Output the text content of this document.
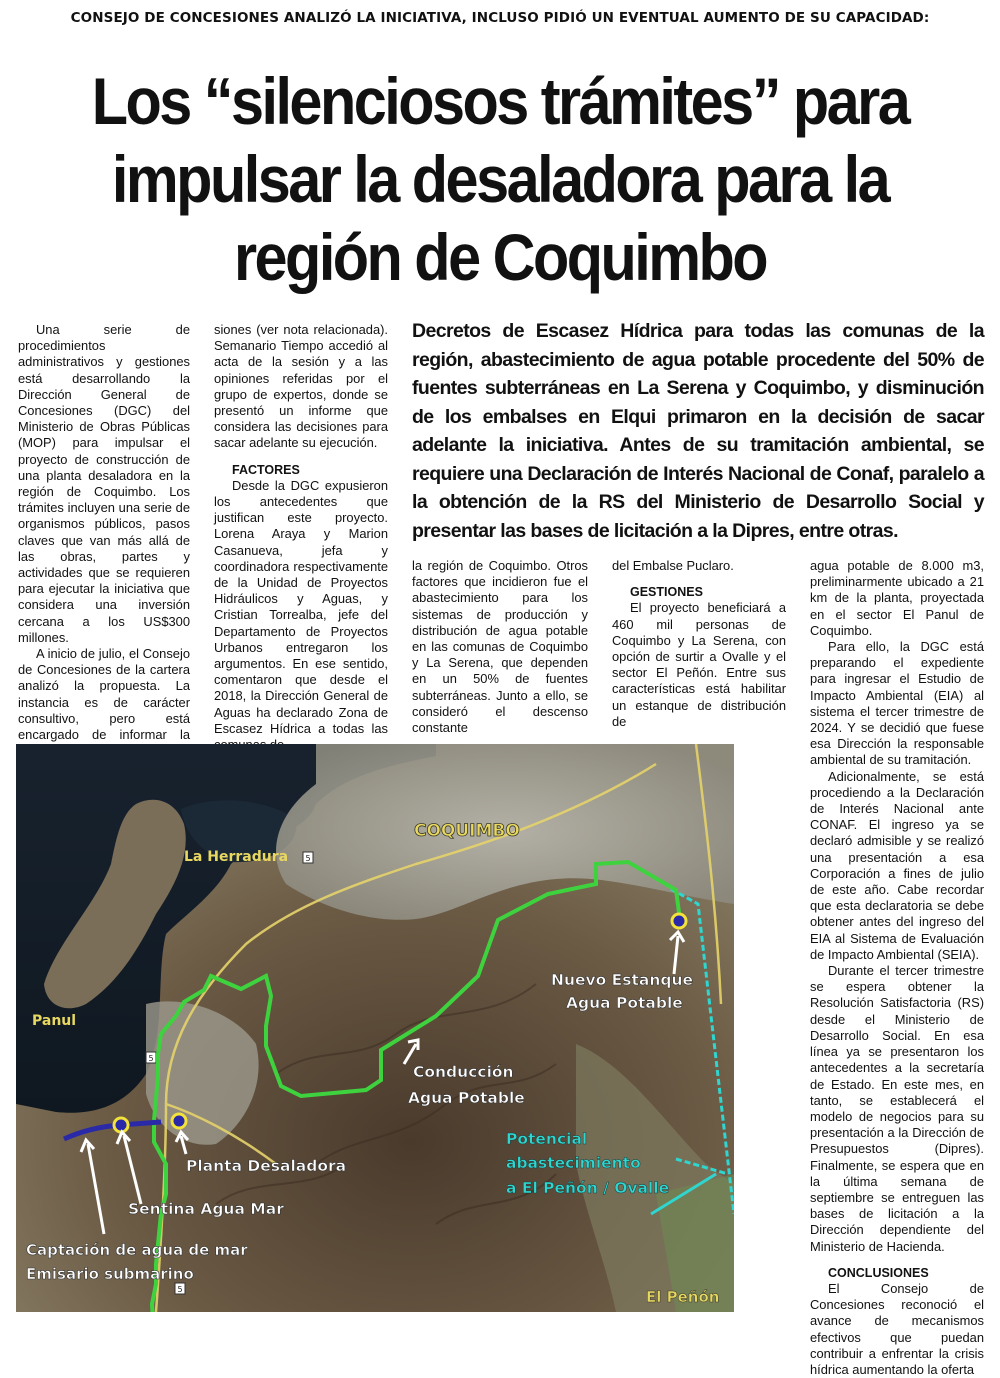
CONSEJO DE CONCESIONES ANALIZÓ LA INICIATIVA, INCLUSO PIDIÓ UN EVENTUAL AUMENTO DE SU CAPACIDAD:
Los “silenciosos trámites” para impulsar la desaladora para la región de Coquimbo

Una serie de procedimientos administrativos y gestiones está desarrollando la Dirección General de Concesiones (DGC) del Ministerio de Obras Públicas (MOP) para impulsar el proyecto de construcción de una planta desaladora en la región de Coquimbo. Los trámites incluyen una serie de organismos públicos, pasos claves que van más allá de las obras, partes y actividades que se requieren para ejecutar la iniciativa que considera una inversión cercana a los US$300 millones.

A inicio de julio, el Consejo de Concesiones de la cartera analizó la propuesta. La instancia es de carácter consultivo, pero está encargado de informar la

siones (ver nota relacionada). Semanario Tiempo accedió al acta de la sesión y a las opiniones referidas por el grupo de expertos, donde se presentó un informe que considera las decisiones para sacar adelante su ejecución.

FACTORES

Desde la DGC expusieron los antecedentes que justifican este proyecto. Lorena Araya y Marion Casanueva, jefa y coordinadora respectivamente de la Unidad de Proyectos Hidráulicos y Aguas, y Cristian Torrealba, jefe del Departamento de Proyectos Urbanos entregaron los argumentos. En ese sentido, comentaron que desde el 2018, la Dirección General de Aguas ha declarado Zona de Escasez Hídrica a todas las

Decretos de Escasez Hídrica para todas las comunas de la región, abastecimiento de agua potable procedente del 50% de fuentes subterráneas en La Serena y Coquimbo, y disminución de los embalses en Elqui primaron en la decisión de sacar adelante la iniciativa. Antes de su tramitación ambiental, se requiere una Declaración de Interés Nacional de Conaf, paralelo a la obtención de la RS del Ministerio de Desarrollo Social y presentar las bases de licitación a la Dipres, entre otras.

la región de Coquimbo. Otros factores que incidieron fue el abastecimiento para los sistemas de producción y distribución de agua potable en las comunas de Coquimbo y La Serena, que dependen en un 50% de fuentes subterráneas. Junto a ello, se consideró el descenso constante

del Embalse Puclaro.

GESTIONES

El proyecto beneficiará a 460 mil personas de Coquimbo y La Serena, con opción de surtir a Ovalle y el sector El Peñón. Entre sus características está habilitar un estanque de distribución de

agua potable de 8.000 m3, preliminarmente ubicado a 21 km de la planta, proyectada en el sector El Panul de Coquimbo.

Para ello, la DGC está preparando el expediente para ingresar el Estudio de Impacto Ambiental (EIA) al sistema el tercer trimestre de 2024. Y se decidió que fuese esa Dirección la responsable ambiental de su tramitación.

Adicionalmente, se está procediendo a la Declaración de Interés Nacional ante CONAF. El ingreso ya se declaró admisible y se realizó una presentación a esa Corporación a fines de julio de este año. Cabe recordar que esta declaratoria se debe obtener antes del ingreso del EIA al Sistema de Evaluación de Impacto Ambiental (SEIA).

Durante el tercer trimestre se espera obtener la Resolución Satisfactoria (RS) desde el Ministerio de Desarrollo Social. En esa línea ya se presentaron los antecedentes a la secretaría de Estado. En este mes, en tanto, se establecerá el modelo de negocios para su presentación a la Dirección de Presupuestos (Dipres). Finalmente, se espera que en la última semana de septiembre se entreguen las bases de licitación a la Dirección dependiente del Ministerio de Hacienda.

CONCLUSIONES

El Consejo de Concesiones reconoció el avance de mecanismos efectivos que puedan contribuir a enfrentar la crisis hídrica aumentando la oferta

5
5
5
COQUIMBO
La Herradura
Panul
Nuevo Estanque
Agua Potable
Conducción
Agua Potable
Potencial
abastecimiento
a El Peñón / Ovalle
Planta Desaladora
Sentina Agua Mar
Captación de agua de mar
Emisario submarino
El Peñón
